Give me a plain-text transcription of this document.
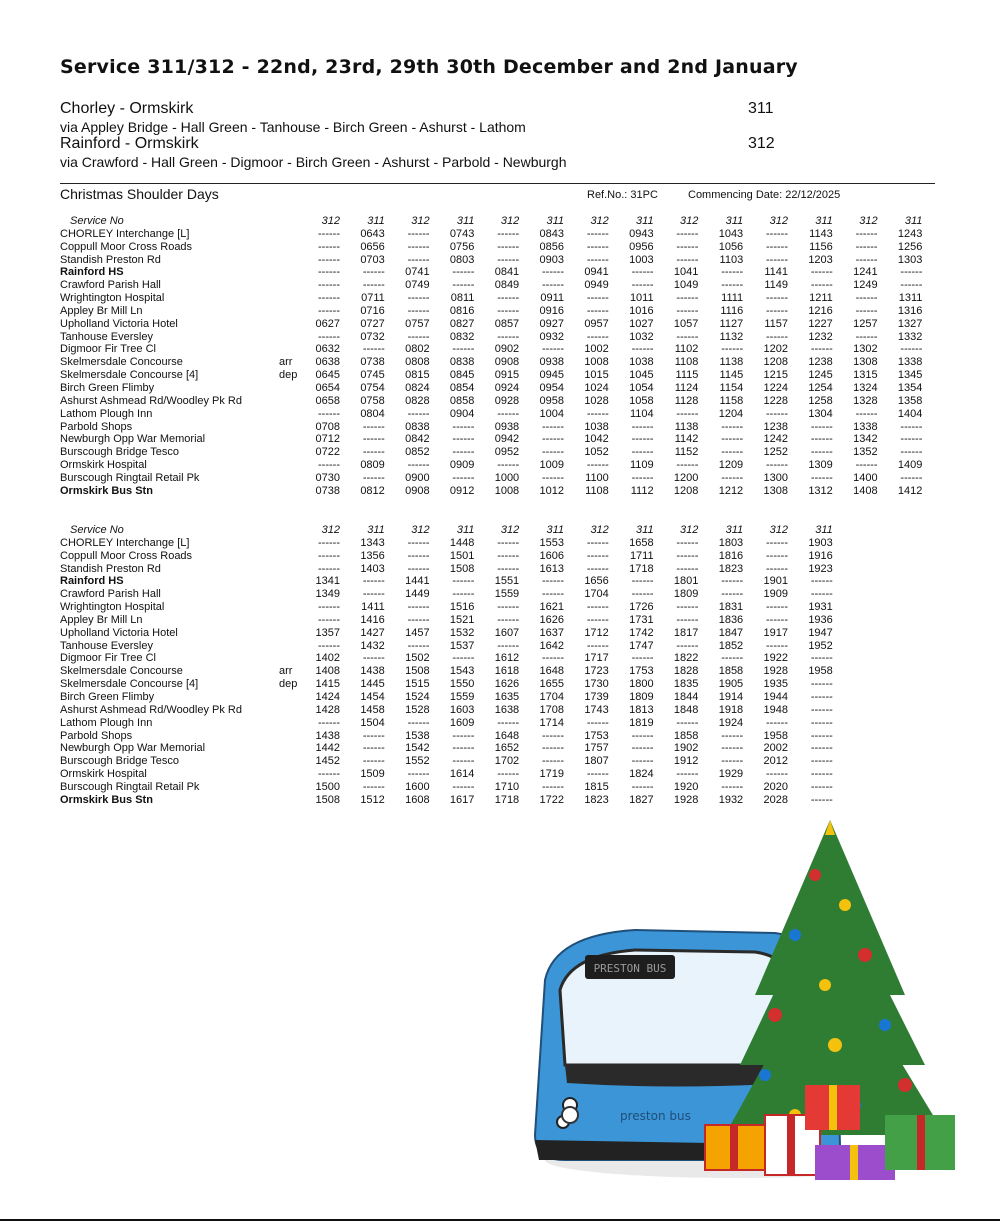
Service 311/312 - 22nd, 23rd, 29th 30th December and 2nd January
Chorley - Ormskirk
via Appley Bridge - Hall Green - Tanhouse - Birch Green - Ashurst - Lathom
311
Rainford - Ormskirk
via Crawford - Hall Green - Digmoor - Birch Green - Ashurst - Parbold - Newburgh
312
Christmas Shoulder Days	Ref.No.: 31PC	Commencing Date: 22/12/2025
Service No	312	311	312	311	312	311	312	311	312	311	312	311	312	311
CHORLEY Interchange [L]	------	0643	------	0743	------	0843	------	0943	------	1043	------	1143	------	1243
Coppull Moor Cross Roads	------	0656	------	0756	------	0856	------	0956	------	1056	------	1156	------	1256
Standish Preston Rd	------	0703	------	0803	------	0903	------	1003	------	1103	------	1203	------	1303
Rainford HS	------	------	0741	------	0841	------	0941	------	1041	------	1141	------	1241	------
Crawford Parish Hall	------	------	0749	------	0849	------	0949	------	1049	------	1149	------	1249	------
Wrightington Hospital	------	0711	------	0811	------	0911	------	1011	------	1111	------	1211	------	1311
Appley Br Mill Ln	------	0716	------	0816	------	0916	------	1016	------	1116	------	1216	------	1316
Upholland Victoria Hotel	0627	0727	0757	0827	0857	0927	0957	1027	1057	1127	1157	1227	1257	1327
Tanhouse Eversley	------	0732	------	0832	------	0932	------	1032	------	1132	------	1232	------	1332
Digmoor Fir Tree Cl	0632	------	0802	------	0902	------	1002	------	1102	------	1202	------	1302	------
Skelmersdale Concourse	arr	0638	0738	0808	0838	0908	0938	1008	1038	1108	1138	1208	1238	1308	1338
Skelmersdale Concourse [4]	dep	0645	0745	0815	0845	0915	0945	1015	1045	1115	1145	1215	1245	1315	1345
Birch Green Flimby	0654	0754	0824	0854	0924	0954	1024	1054	1124	1154	1224	1254	1324	1354
Ashurst Ashmead Rd/Woodley Pk Rd	0658	0758	0828	0858	0928	0958	1028	1058	1128	1158	1228	1258	1328	1358
Lathom Plough Inn	------	0804	------	0904	------	1004	------	1104	------	1204	------	1304	------	1404
Parbold Shops	0708	------	0838	------	0938	------	1038	------	1138	------	1238	------	1338	------
Newburgh Opp War Memorial	0712	------	0842	------	0942	------	1042	------	1142	------	1242	------	1342	------
Burscough Bridge Tesco	0722	------	0852	------	0952	------	1052	------	1152	------	1252	------	1352	------
Ormskirk Hospital	------	0809	------	0909	------	1009	------	1109	------	1209	------	1309	------	1409
Burscough Ringtail Retail Pk	0730	------	0900	------	1000	------	1100	------	1200	------	1300	------	1400	------
Ormskirk Bus Stn	0738	0812	0908	0912	1008	1012	1108	1112	1208	1212	1308	1312	1408	1412
Service No	312	311	312	311	312	311	312	311	312	311	312	311
CHORLEY Interchange [L]	------	1343	------	1448	------	1553	------	1658	------	1803	------	1903
Coppull Moor Cross Roads	------	1356	------	1501	------	1606	------	1711	------	1816	------	1916
Standish Preston Rd	------	1403	------	1508	------	1613	------	1718	------	1823	------	1923
Rainford HS	1341	------	1441	------	1551	------	1656	------	1801	------	1901	------
Crawford Parish Hall	1349	------	1449	------	1559	------	1704	------	1809	------	1909	------
Wrightington Hospital	------	1411	------	1516	------	1621	------	1726	------	1831	------	1931
Appley Br Mill Ln	------	1416	------	1521	------	1626	------	1731	------	1836	------	1936
Upholland Victoria Hotel	1357	1427	1457	1532	1607	1637	1712	1742	1817	1847	1917	1947
Tanhouse Eversley	------	1432	------	1537	------	1642	------	1747	------	1852	------	1952
Digmoor Fir Tree Cl	1402	------	1502	------	1612	------	1717	------	1822	------	1922	------
Skelmersdale Concourse	arr	1408	1438	1508	1543	1618	1648	1723	1753	1828	1858	1928	1958
Skelmersdale Concourse [4]	dep	1415	1445	1515	1550	1626	1655	1730	1800	1835	1905	1935	------
Birch Green Flimby	1424	1454	1524	1559	1635	1704	1739	1809	1844	1914	1944	------
Ashurst Ashmead Rd/Woodley Pk Rd	1428	1458	1528	1603	1638	1708	1743	1813	1848	1918	1948	------
Lathom Plough Inn	------	1504	------	1609	------	1714	------	1819	------	1924	------	------
Parbold Shops	1438	------	1538	------	1648	------	1753	------	1858	------	1958	------
Newburgh Opp War Memorial	1442	------	1542	------	1652	------	1757	------	1902	------	2002	------
Burscough Bridge Tesco	1452	------	1552	------	1702	------	1807	------	1912	------	2012	------
Ormskirk Hospital	------	1509	------	1614	------	1719	------	1824	------	1929	------	------
Burscough Ringtail Retail Pk	1500	------	1600	------	1710	------	1815	------	1920	------	2020	------
Ormskirk Bus Stn	1508	1512	1608	1617	1718	1722	1823	1827	1928	1932	2028	------
PRESTON BUS
preston bus
